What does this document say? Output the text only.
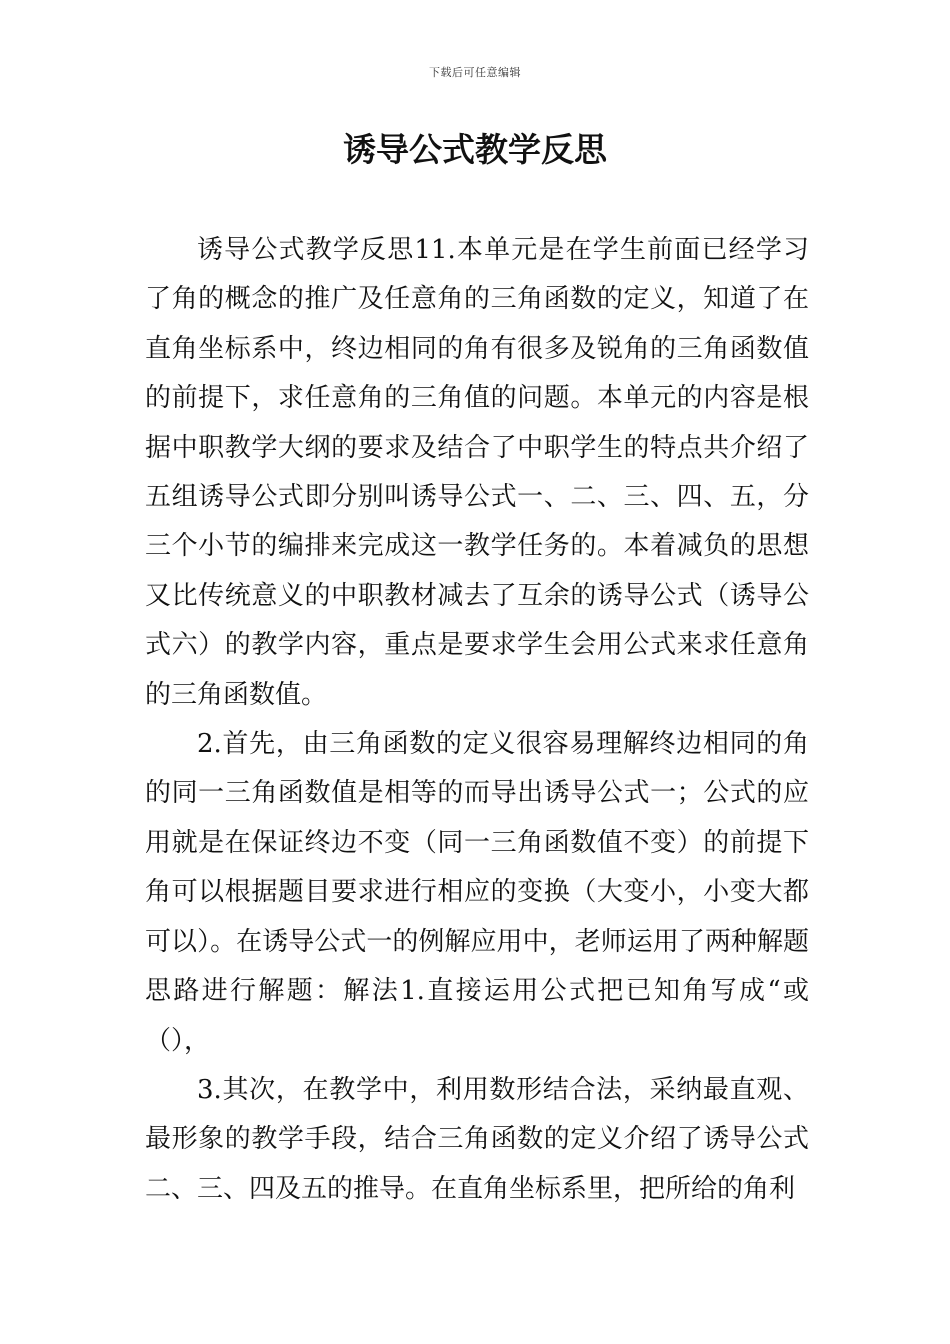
下载后可任意编辑
诱导公式教学反思

诱导公式教学反思11.本单元是在学生前面已经学习了角的概念的推广及任意角的三角函数的定义，知道了在直角坐标系中，终边相同的角有很多及锐角的三角函数值的前提下，求任意角的三角值的问题。本单元的内容是根据中职教学大纲的要求及结合了中职学生的特点共介绍了五组诱导公式即分别叫诱导公式一、二、三、四、五，分三个小节的编排来完成这一教学任务的。本着减负的思想又比传统意义的中职教材减去了互余的诱导公式（诱导公式六）的教学内容，重点是要求学生会用公式来求任意角的三角函数值。

2.首先，由三角函数的定义很容易理解终边相同的角的同一三角函数值是相等的而导出诱导公式一；公式的应用就是在保证终边不变（同一三角函数值不变）的前提下角可以根据题目要求进行相应的变换（大变小，小变大都可以）。在诱导公式一的例解应用中，老师运用了两种解题思路进行解题：解法1.直接运用公式把已知角写成“或（），

3.其次，在教学中，利用数形结合法，采纳最直观、最形象的教学手段，结合三角函数的定义介绍了诱导公式二、三、四及五的推导。在直角坐标系里，把所给的角利
